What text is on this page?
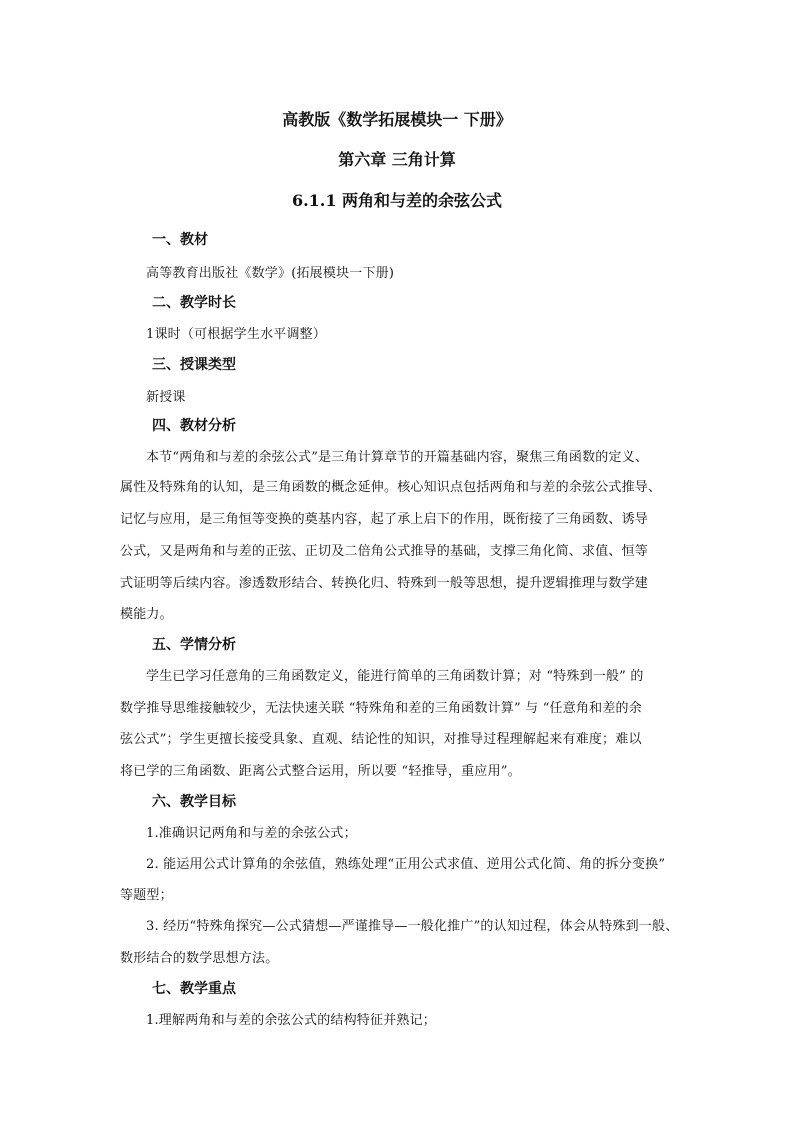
高教版《数学拓展模块一 下册》

第六章 三角计算

6.1.1 两角和与差的余弦公式

一、教材

高等教育出版社《数学》(拓展模块一下册)

二、教学时长

1课时（可根据学生水平调整）

三、授课类型

新授课

四、教材分析

本节“两角和与差的余弦公式”是三角计算章节的开篇基础内容，聚焦三角函数的定义、

属性及特殊角的认知，是三角函数的概念延伸。核心知识点包括两角和与差的余弦公式推导、

记忆与应用，是三角恒等变换的奠基内容，起了承上启下的作用，既衔接了三角函数、诱导

公式，又是两角和与差的正弦、正切及二倍角公式推导的基础，支撑三角化简、求值、恒等

式证明等后续内容。渗透数形结合、转换化归、特殊到一般等思想，提升逻辑推理与数学建

模能力。

五、学情分析

学生已学习任意角的三角函数定义，能进行简单的三角函数计算；对 “特殊到一般” 的

数学推导思维接触较少，无法快速关联 “特殊角和差的三角函数计算” 与 “任意角和差的余

弦公式”；学生更擅长接受具象、直观、结论性的知识，对推导过程理解起来有难度；难以

将已学的三角函数、距离公式整合运用，所以要 “轻推导，重应用”。

六、教学目标

1.准确识记两角和与差的余弦公式；

2. 能运用公式计算角的余弦值，熟练处理“正用公式求值、逆用公式化简、角的拆分变换”

等题型；

3. 经历“特殊角探究—公式猜想—严谨推导—一般化推广”的认知过程，体会从特殊到一般、

数形结合的数学思想方法。

七、教学重点

1.理解两角和与差的余弦公式的结构特征并熟记；
